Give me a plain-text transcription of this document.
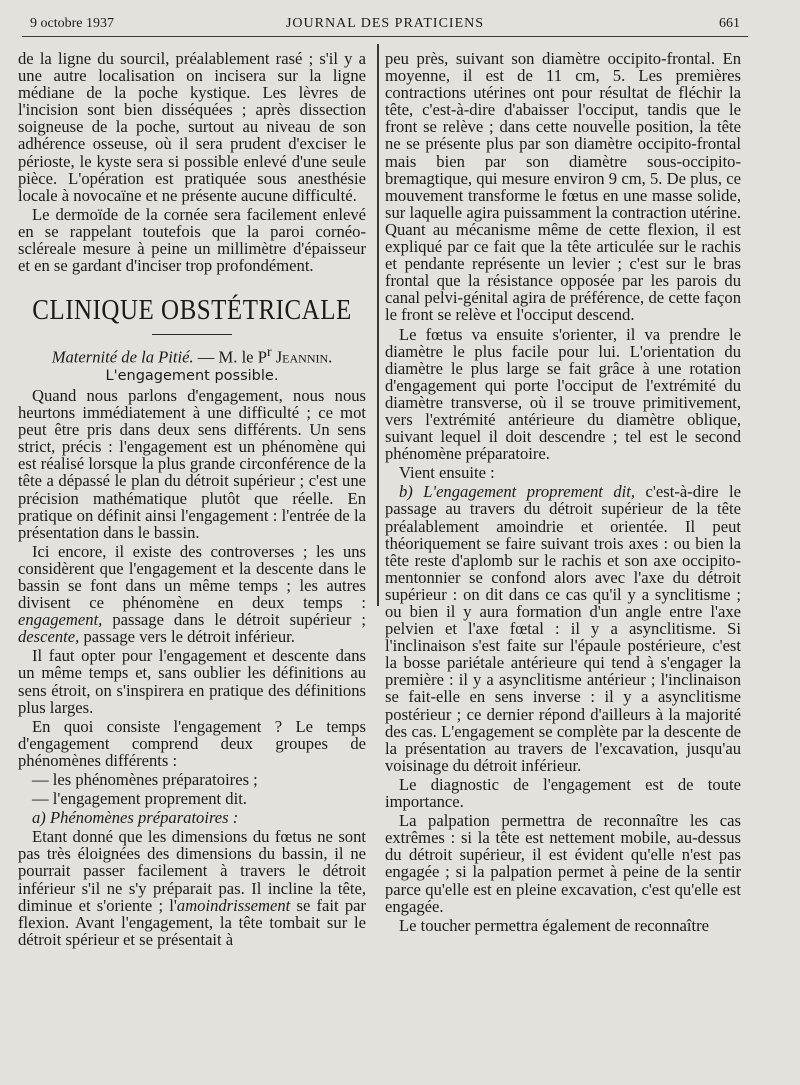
9 octobre 1937	JOURNAL DES PRATICIENS	661

de la ligne du sourcil, préalablement rasé ; s'il y a une autre localisation on incisera sur la ligne médiane de la poche kystique. Les lèvres de l'incision sont bien disséquées ; après dissection soigneuse de la poche, surtout au niveau de son adhérence osseuse, où il sera prudent d'exciser le périoste, le kyste sera si possible enlevé d'une seule pièce. L'opération est pratiquée sous anesthésie locale à novocaïne et ne présente aucune difficulté.

Le dermoïde de la cornée sera facilement enlevé en se rappelant toutefois que la paroi cornéo-scléreale mesure à peine un millimètre d'épaisseur et en se gardant d'inciser trop profondément.

CLINIQUE OBSTÉTRICALE

Maternité de la Pitié. — M. le $P^r$ Jeannin.

L'engagement possible.

Quand nous parlons d'engagement, nous nous heurtons immédiatement à une difficulté ; ce mot peut être pris dans deux sens différents. Un sens strict, précis : l'engagement est un phénomène qui est réalisé lorsque la plus grande circonférence de la tête a dépassé le plan du détroit supérieur ; c'est une précision mathématique plutôt que réelle. En pratique on définit ainsi l'engagement : l'entrée de la présentation dans le bassin.

Ici encore, il existe des controverses ; les uns considèrent que l'engagement et la descente dans le bassin se font dans un même temps ; les autres divisent ce phénomène en deux temps : engagement, passage dans le détroit supérieur ; descente, passage vers le détroit inférieur.

Il faut opter pour l'engagement et descente dans un même temps et, sans oublier les définitions au sens étroit, on s'inspirera en pratique des définitions plus larges.

En quoi consiste l'engagement ? Le temps d'engagement comprend deux groupes de phénomènes différents :

— les phénomènes préparatoires ;

— l'engagement proprement dit.

a) Phénomènes préparatoires :

Etant donné que les dimensions du fœtus ne sont pas très éloignées des dimensions du bassin, il ne pourrait passer facilement à travers le détroit inférieur s'il ne s'y préparait pas. Il incline la tête, diminue et s'oriente ; l'amoindrissement se fait par flexion. Avant l'engagement, la tête tombait sur le détroit spérieur et se présentait à

peu près, suivant son diamètre occipito-frontal. En moyenne, il est de 11 cm, 5. Les premières contractions utérines ont pour résultat de fléchir la tête, c'est-à-dire d'abaisser l'occiput, tandis que le front se relève ; dans cette nouvelle position, la tête ne se présente plus par son diamètre occipito-frontal mais bien par son diamètre sous-occipito-bremagtique, qui mesure environ 9 cm, 5. De plus, ce mouvement transforme le fœtus en une masse solide, sur laquelle agira puissamment la contraction utérine. Quant au mécanisme même de cette flexion, il est expliqué par ce fait que la tête articulée sur le rachis et pendante représente un levier ; c'est sur le bras frontal que la résistance opposée par les parois du canal pelvi-génital agira de préférence, de cette façon le front se relève et l'occiput descend.

Le fœtus va ensuite s'orienter, il va prendre le diamètre le plus facile pour lui. L'orientation du diamètre le plus large se fait grâce à une rotation d'engagement qui porte l'occiput de l'extrémité du diamètre transverse, où il se trouve primitivement, vers l'extrémité antérieure du diamètre oblique, suivant lequel il doit descendre ; tel est le second phénomène préparatoire.

Vient ensuite :

b) L'engagement proprement dit, c'est-à-dire le passage au travers du détroit supérieur de la tête préalablement amoindrie et orientée. Il peut théoriquement se faire suivant trois axes : ou bien la tête reste d'aplomb sur le rachis et son axe occipito-mentonnier se confond alors avec l'axe du détroit supérieur : on dit dans ce cas qu'il y a synclitisme ; ou bien il y aura formation d'un angle entre l'axe pelvien et l'axe fœtal : il y a asynclitisme. Si l'inclinaison s'est faite sur l'épaule postérieure, c'est la bosse pariétale antérieure qui tend à s'engager la première : il y a asynclitisme antérieur ; l'inclinaison se fait-elle en sens inverse : il y a asynclitisme postérieur ; ce dernier répond d'ailleurs à la majorité des cas. L'engagement se complète par la descente de la présentation au travers de l'excavation, jusqu'au voisinage du détroit inférieur.

Le diagnostic de l'engagement est de toute importance.

La palpation permettra de reconnaître les cas extrêmes : si la tête est nettement mobile, au-dessus du détroit supérieur, il est évident qu'elle n'est pas engagée ; si la palpation permet à peine de la sentir parce qu'elle est en pleine excavation, c'est qu'elle est engagée.

Le toucher permettra également de reconnaître
